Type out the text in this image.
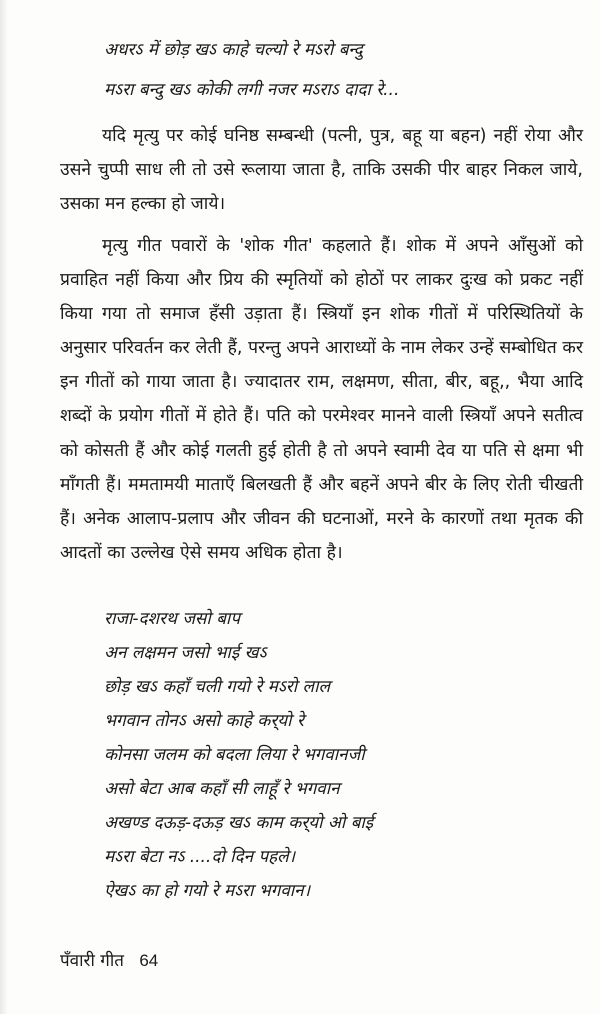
अधरऽ में छोड़ खऽ काहे चल्यो रे मऽरो बन्दु
मऽरा बन्दु खऽ कोकी लगी नजर मऽराऽ दादा रे...

यदि मृत्यु पर कोई घनिष्ठ सम्बन्धी (पत्नी, पुत्र, बहू या बहन) नहीं रोया और उसने चुप्पी साध ली तो उसे रूलाया जाता है, ताकि उसकी पीर बाहर निकल जाये, उसका मन हल्का हो जाये।

मृत्यु गीत पवारों के 'शोक गीत' कहलाते हैं। शोक में अपने आँसुओं को प्रवाहित नहीं किया और प्रिय की स्मृतियों को होठों पर लाकर दुःख को प्रकट नहीं किया गया तो समाज हँसी उड़ाता हैं। स्त्रियाँ इन शोक गीतों में परिस्थितियों के अनुसार परिवर्तन कर लेती हैं, परन्तु अपने आराध्यों के नाम लेकर उन्हें सम्बोधित कर इन गीतों को गाया जाता है। ज्यादातर राम, लक्षमण, सीता, बीर, बहू,, भैया आदि शब्दों के प्रयोग गीतों में होते हैं। पति को परमेश्वर मानने वाली स्त्रियाँ अपने सतीत्व को कोसती हैं और कोई गलती हुई होती है तो अपने स्वामी देव या पति से क्षमा भी माँगती हैं। ममतामयी माताएँ बिलखती हैं और बहनें अपने बीर के लिए रोती चीखती हैं। अनेक आलाप-प्रलाप और जीवन की घटनाओं, मरने के कारणों तथा मृतक की आदतों का उल्लेख ऐसे समय अधिक होता है।

राजा-दशरथ जसो बाप
अन लक्षमन जसो भाई खऽ
छोड़ खऽ कहाँ चली गयो रे मऽरो लाल
भगवान तोनऽ असो काहे कर्‌यो रे
कोनसा जलम को बदला लिया रे भगवानजी
असो बेटा आब कहाँ सी लाहूँ रे भगवान
अखण्ड दऊड़-दऊड़ खऽ काम कर्‌यो ओ बाई
मऽरा बेटा नऽ ....दो दिन पहले।
ऐखऽ का हो गयो रे मऽरा भगवान।
पँवारी गीत 64
